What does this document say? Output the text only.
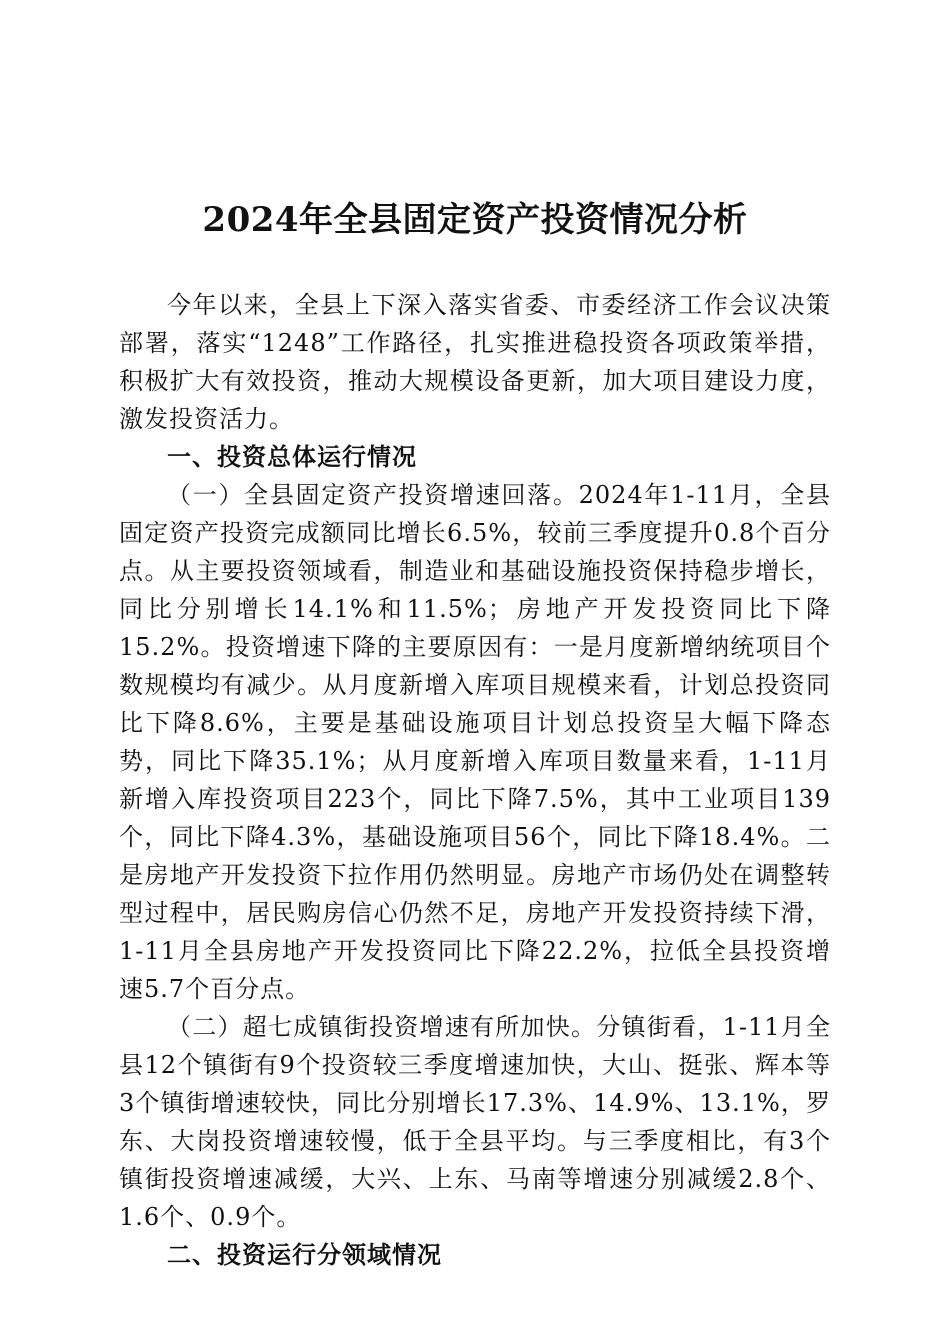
2024年全县固定资产投资情况分析

今年以来，全县上下深入落实省委、市委经济工作会议决策部署，落实“1248”工作路径，扎实推进稳投资各项政策举措，积极扩大有效投资，推动大规模设备更新，加大项目建设力度，激发投资活力。

一、投资总体运行情况

（一）全县固定资产投资增速回落。2024年1-11月，全县固定资产投资完成额同比增长6.5%，较前三季度提升0.8个百分点。从主要投资领域看，制造业和基础设施投资保持稳步增长，同比分别增长14.1%和11.5%；房地产开发投资同比下降15.2%。投资增速下降的主要原因有：一是月度新增纳统项目个数规模均有减少。从月度新增入库项目规模来看，计划总投资同比下降8.6%，主要是基础设施项目计划总投资呈大幅下降态势，同比下降35.1%；从月度新增入库项目数量来看，1-11月新增入库投资项目223个，同比下降7.5%，其中工业项目139个，同比下降4.3%，基础设施项目56个，同比下降18.4%。二是房地产开发投资下拉作用仍然明显。房地产市场仍处在调整转型过程中，居民购房信心仍然不足，房地产开发投资持续下滑，1-11月全县房地产开发投资同比下降22.2%，拉低全县投资增速5.7个百分点。

（二）超七成镇街投资增速有所加快。分镇街看，1-11月全县12个镇街有9个投资较三季度增速加快，大山、挺张、辉本等3个镇街增速较快，同比分别增长17.3%、14.9%、13.1%，罗东、大岗投资增速较慢，低于全县平均。与三季度相比，有3个镇街投资增速减缓，大兴、上东、马南等增速分别减缓2.8个、1.6个、0.9个。

二、投资运行分领域情况
